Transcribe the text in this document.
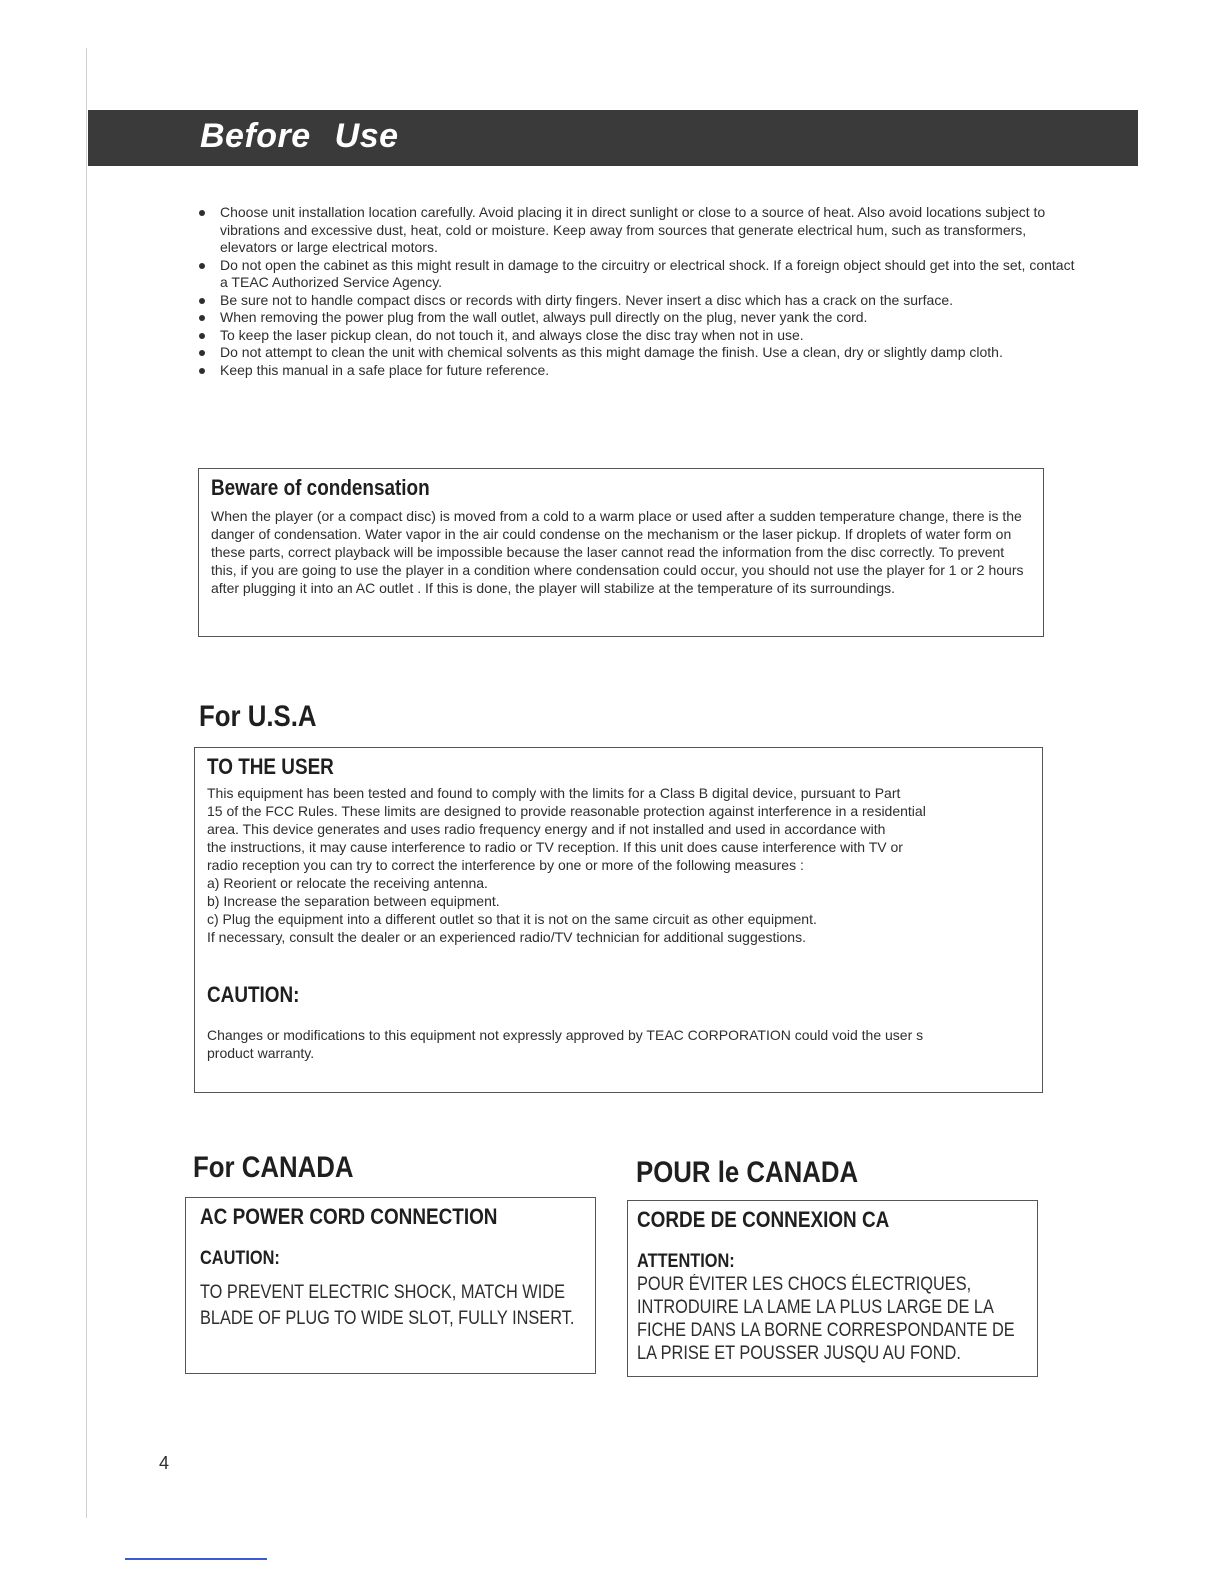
Before Use
Choose unit installation location carefully. Avoid placing it in direct sunlight or close to a source of heat. Also avoid locations subject to vibrations and excessive dust, heat, cold or moisture. Keep away from sources that generate electrical hum, such as transformers, elevators or large electrical motors.
Do not open the cabinet as this might result in damage to the circuitry or electrical shock. If a foreign object should get into the set, contact a TEAC Authorized Service Agency.
Be sure not to handle compact discs or records with dirty fingers. Never insert a disc which has a crack on the surface.
When removing the power plug from the wall outlet, always pull directly on the plug, never yank the cord.
To keep the laser pickup clean, do not touch it, and always close the disc tray when not in use.
Do not attempt to clean the unit with chemical solvents as this might damage the finish. Use a clean, dry or slightly damp cloth.
Keep this manual in a safe place for future reference.
Beware of condensation
When the player (or a compact disc) is moved from a cold to a warm place or used after a sudden temperature change, there is the danger of condensation. Water vapor in the air could condense on the mechanism or the laser pickup. If droplets of water form on these parts, correct playback will be impossible because the laser cannot read the information from the disc correctly. To prevent this, if you are going to use the player in a condition where condensation could occur, you should not use the player for 1 or 2 hours after plugging it into an AC outlet . If this is done, the player will stabilize at the temperature of its surroundings.
For U.S.A
TO THE USER

This equipment has been tested and found to comply with the limits for a Class B digital device, pursuant to Part

15 of the FCC Rules. These limits are designed to provide reasonable protection against interference in a residential

area. This device generates and uses radio frequency energy and if not installed and used in accordance with

the instructions, it may cause interference to radio or TV reception. If this unit does cause interference with TV or

radio reception you can try to correct the interference by one or more of the following measures :

a) Reorient or relocate the receiving antenna.

b) Increase the separation between equipment.

c) Plug the equipment into a different outlet so that it is not on the same circuit as other equipment.

If necessary, consult the dealer or an experienced radio/TV technician for additional suggestions.

CAUTION:

Changes or modifications to this equipment not expressly approved by TEAC CORPORATION could void the user s

product warranty.

For CANADA	POUR le CANADA
AC POWER CORD CONNECTION
CAUTION:
TO PREVENT ELECTRIC SHOCK, MATCH WIDE
BLADE OF PLUG TO WIDE SLOT, FULLY INSERT.
CORDE DE CONNEXION CA
ATTENTION:
POUR ÉVITER LES CHOCS ÉLECTRIQUES,
INTRODUIRE LA LAME LA PLUS LARGE DE LA
FICHE DANS LA BORNE CORRESPONDANTE DE
LA PRISE ET POUSSER JUSQU AU FOND.
4
